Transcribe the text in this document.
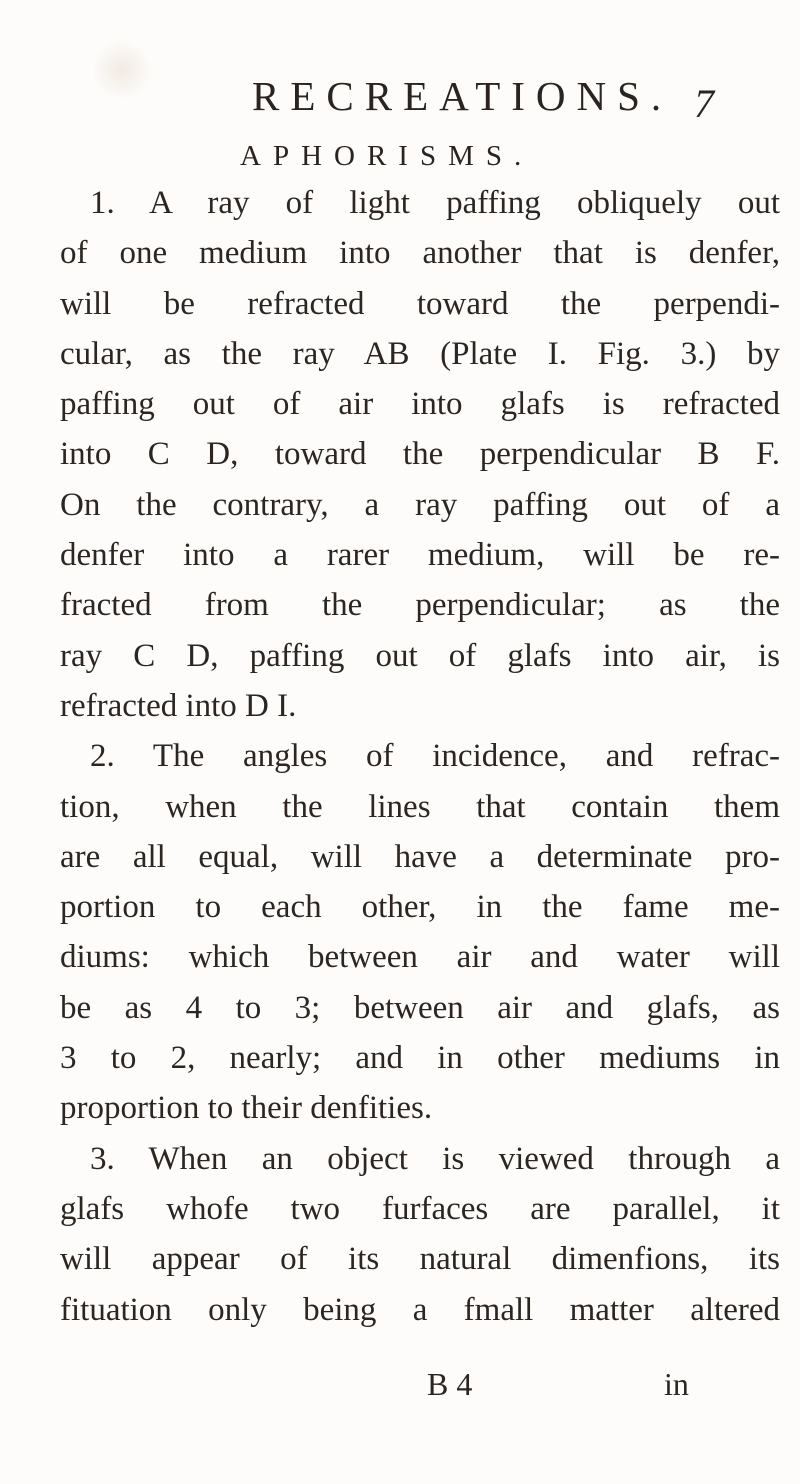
RECREATIONS. 7
APHORISMS.
1. A ray of light paffing obliquely out
of one medium into another that is denfer,
will be refracted toward the perpendi-
cular, as the ray AB (Plate I. Fig. 3.) by
paffing out of air into glafs is refracted
into C D, toward the perpendicular B F.
On the contrary, a ray paffing out of a
denfer into a rarer medium, will be re-
fracted from the perpendicular; as the
ray C D, paffing out of glafs into air, is
refracted into D I.
2. The angles of incidence, and refrac-
tion, when the lines that contain them
are all equal, will have a determinate pro-
portion to each other, in the fame me-
diums: which between air and water will
be as 4 to 3; between air and glafs, as
3 to 2, nearly; and in other mediums in
proportion to their denfities.
3. When an object is viewed through a
glafs whofe two furfaces are parallel, it
will appear of its natural dimenfions, its
fituation only being a fmall matter altered
B 4	in
